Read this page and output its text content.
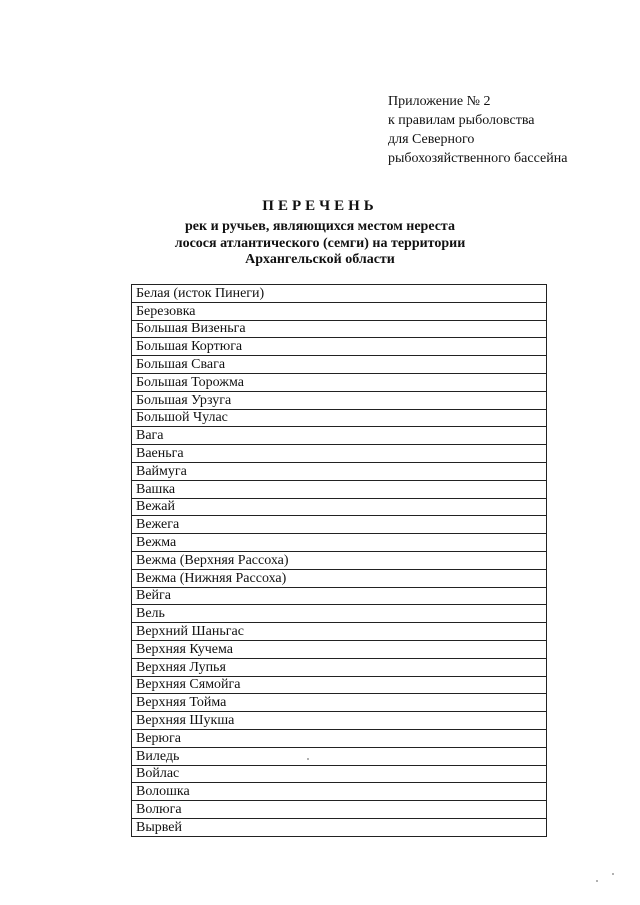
Приложение № 2
к правилам рыболовства
для Северного
рыбохозяйственного бассейна
ПЕРЕЧЕНЬ
рек и ручьев, являющихся местом нереста
лосося атлантического (семги) на территории
Архангельской области
Белая (исток Пинеги)
Березовка
Большая Визеньга
Большая Кортюга
Большая Свага
Большая Торожма
Большая Урзуга
Большой Чулас
Вага
Ваеньга
Ваймуга
Вашка
Вежай
Вежега
Вежма
Вежма (Верхняя Рассоха)
Вежма (Нижняя Рассоха)
Вейга
Вель
Верхний Шаньгас
Верхняя Кучема
Верхняя Лупья
Верхняя Сямойга
Верхняя Тойма
Верхняя Шукша
Верюга
Виледь
Войлас
Волошка
Волюга
Вырвей
